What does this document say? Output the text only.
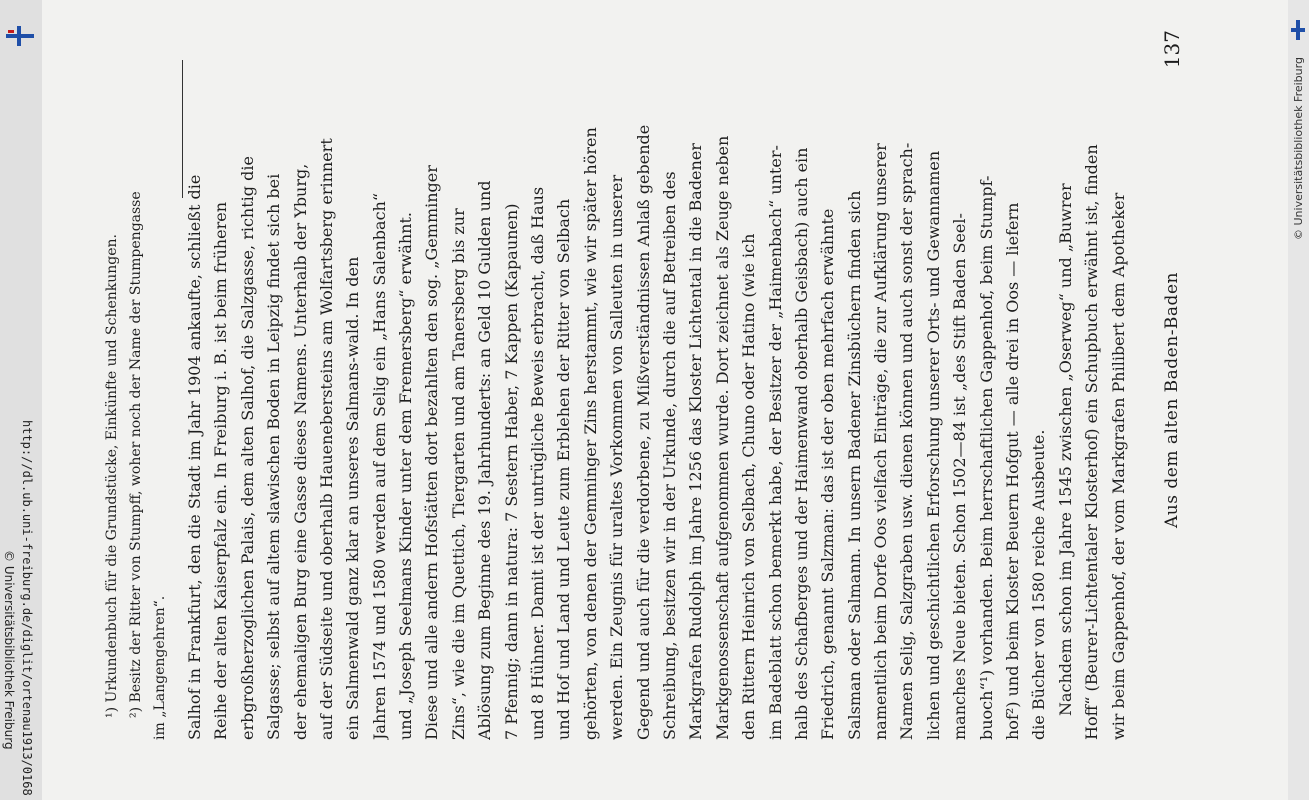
http://dl.ub.uni-freiburg.de/diglit/ortenau1913/0168
© Universitätsbibliothek Freiburg
Aus dem alten Baden-Baden
137
Salhof in Frankfurt, den die Stadt im Jahr 1904 ankaufte, schließt die Reihe der alten Kaiserpfalz ein. In Freiburg i. B. ist beim früheren erbgroßherzoglichen Palais, dem alten Salhof, die Salzgasse, richtig die Salgasse; selbst auf altem slawischen Boden in Leipzig findet sich bei der ehemaligen Burg eine Gasse dieses Namens. Unterhalb der Yburg, auf der Südseite und oberhalb Hauenebersteins am Wolfartsberg erinnert ein Salmenwald ganz klar an unseres Salmans-wald. In den Jahren 1574 und 1580 werden auf dem Selig ein „Hans Salenbach“ und „Joseph Seelmans Kinder unter dem Fremersberg“ erwähnt. Diese und alle andern Hofstätten dort bezahlten den sog. „Gemminger Zins“, wie die im Quettich, Tiergarten und am Tanersberg bis zur Ablösung zum Beginne des 19. Jahrhunderts: an Geld 10 Gulden und 7 Pfennig; dann in natura: 7 Sestern Haber, 7 Kappen (Kapaunen) und 8 Hühner. Damit ist der untrügliche Beweis erbracht, daß Haus und Hof und Land und Leute zum Erblehen der Ritter von Selbach gehörten, von denen der Gemminger Zins herstammt, wie wir später hören werden. Ein Zeugnis für uraltes Vorkommen von Salleuten in unserer Gegend und auch für die verdorbene, zu Mißverständnissen Anlaß gebende Schreibung, besitzen wir in der Urkunde, durch die auf Betreiben des Markgrafen Rudolph im Jahre 1256 das Kloster Lichtental in die Badener Markgenossenschaft aufgenommen wurde. Dort zeichnet als Zeuge neben den Rittern Heinrich von Selbach, Chuno oder Hatino (wie ich im Badeblatt schon bemerkt habe, der Besitzer der „Haimenbach“ unter- halb des Schafberges und der Haimenwand oberhalb Geisbach) auch ein Friedrich, genannt Salzman: das ist der oben mehrfach erwähnte Salsman oder Salmann. In unsern Badener Zinsbüchern finden sich namentlich beim Dorfe Oos vielfach Einträge, die zur Aufklärung unserer Namen Selig, Salzgraben usw. dienen können und auch sonst der sprach- lichen und geschichtlichen Erforschung unserer Orts- und Gewannamen manches Neue bieten. Schon 1502—84 ist „des Stift Baden Seel- buoch“¹) vorhanden. Beim herrschaftlichen Gappenhof, beim Stumpf- hof²) und beim Kloster Beuern Hofgut — alle drei in Oos — liefern die Bücher von 1580 reiche Ausbeute. Nachdem schon im Jahre 1545 zwischen „Oserweg“ und „Buwrer Hoff“ (Beurer-Lichtentaler Klosterhof) ein Schupbuch erwähnt ist, finden wir beim Gappenhof, der vom Markgrafen Philibert dem Apotheker
¹) Urkundenbuch für die Grundstücke, Einkünfte und Schenkungen. ²) Besitz der Ritter von Stumpff, woher noch der Name der Stumpengasse im „Langengehren“.
© Universitätsbibliothek Freiburg
